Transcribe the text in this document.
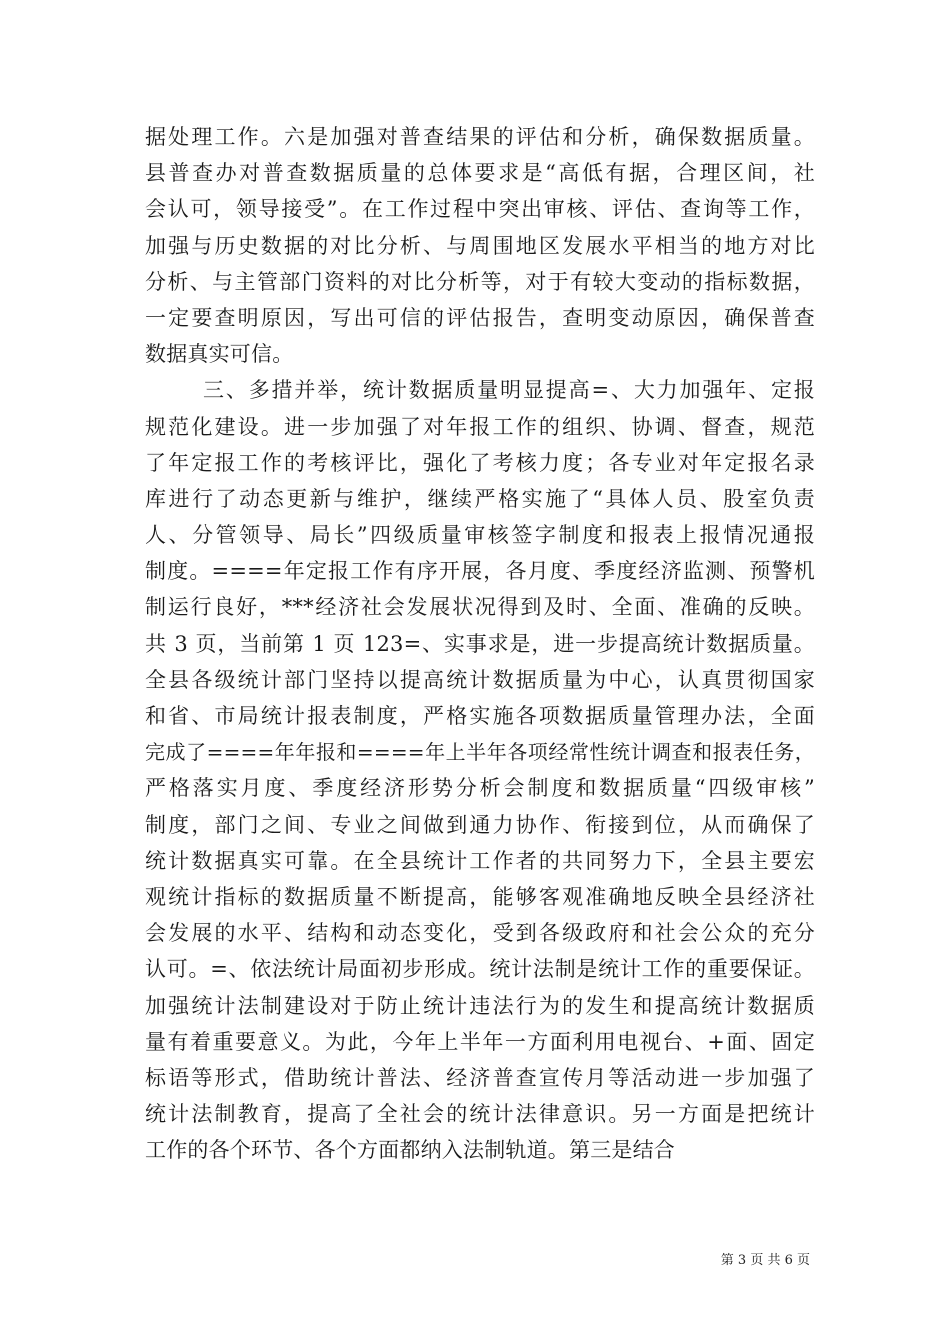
据处理工作。六是加强对普查结果的评估和分析，确保数据质量。
县普查办对普查数据质量的总体要求是“高低有据，合理区间，社
会认可，领导接受”。在工作过程中突出审核、评估、查询等工作，
加强与历史数据的对比分析、与周围地区发展水平相当的地方对比
分析、与主管部门资料的对比分析等，对于有较大变动的指标数据，
一定要查明原因，写出可信的评估报告，查明变动原因，确保普查
数据真实可信。
三、多措并举，统计数据质量明显提高=、大力加强年、定报
规范化建设。进一步加强了对年报工作的组织、协调、督查，规范
了年定报工作的考核评比，强化了考核力度；各专业对年定报名录
库进行了动态更新与维护，继续严格实施了“具体人员、股室负责
人、分管领导、局长”四级质量审核签字制度和报表上报情况通报
制度。====年定报工作有序开展，各月度、季度经济监测、预警机
制运行良好，***经济社会发展状况得到及时、全面、准确的反映。
共 3 页，当前第 1 页 123=、实事求是，进一步提高统计数据质量。
全县各级统计部门坚持以提高统计数据质量为中心，认真贯彻国家
和省、市局统计报表制度，严格实施各项数据质量管理办法，全面
完成了====年年报和====年上半年各项经常性统计调查和报表任务，
严格落实月度、季度经济形势分析会制度和数据质量“四级审核”
制度，部门之间、专业之间做到通力协作、衔接到位，从而确保了
统计数据真实可靠。在全县统计工作者的共同努力下，全县主要宏
观统计指标的数据质量不断提高，能够客观准确地反映全县经济社
会发展的水平、结构和动态变化，受到各级政府和社会公众的充分
认可。=、依法统计局面初步形成。统计法制是统计工作的重要保证。
加强统计法制建设对于防止统计违法行为的发生和提高统计数据质
量有着重要意义。为此，今年上半年一方面利用电视台、+面、固定
标语等形式，借助统计普法、经济普查宣传月等活动进一步加强了
统计法制教育，提高了全社会的统计法律意识。另一方面是把统计
工作的各个环节、各个方面都纳入法制轨道。第三是结合
第 3 页 共 6 页
